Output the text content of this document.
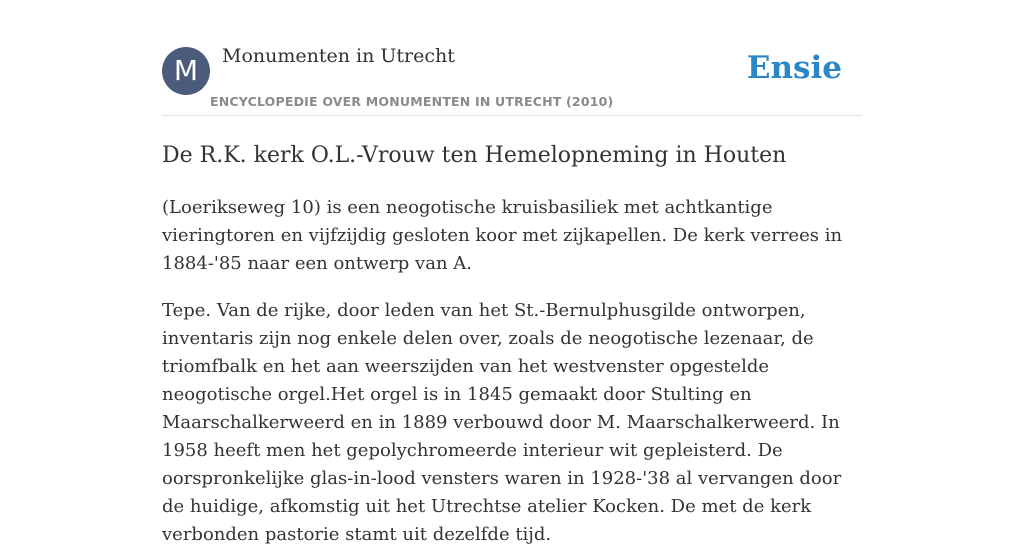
M	Monumenten in Utrecht
ENCYCLOPEDIE OVER MONUMENTEN IN UTRECHT (2010)
Ensie
De R.K. kerk O.L.-Vrouw ten Hemelopneming in Houten

(Loerikseweg 10) is een neogotische kruisbasiliek met achtkantige vieringtoren en vijfzijdig gesloten koor met zijkapellen. De kerk verrees in 1884-'85 naar een ontwerp van A.

Tepe. Van de rijke, door leden van het St.-Bernulphusgilde ontworpen, inventaris zijn nog enkele delen over, zoals de neogotische lezenaar, de triomfbalk en het aan weerszijden van het westvenster opgestelde neogotische orgel.Het orgel is in 1845 gemaakt door Stulting en Maarschalkerweerd en in 1889 verbouwd door M. Maarschalkerweerd. In 1958 heeft men het gepolychromeerde interieur wit gepleisterd. De oorspronkelijke glas-in-lood vensters waren in 1928-'38 al vervangen door de huidige, afkomstig uit het Utrechtse atelier Kocken. De met de kerk verbonden pastorie stamt uit dezelfde tijd.
